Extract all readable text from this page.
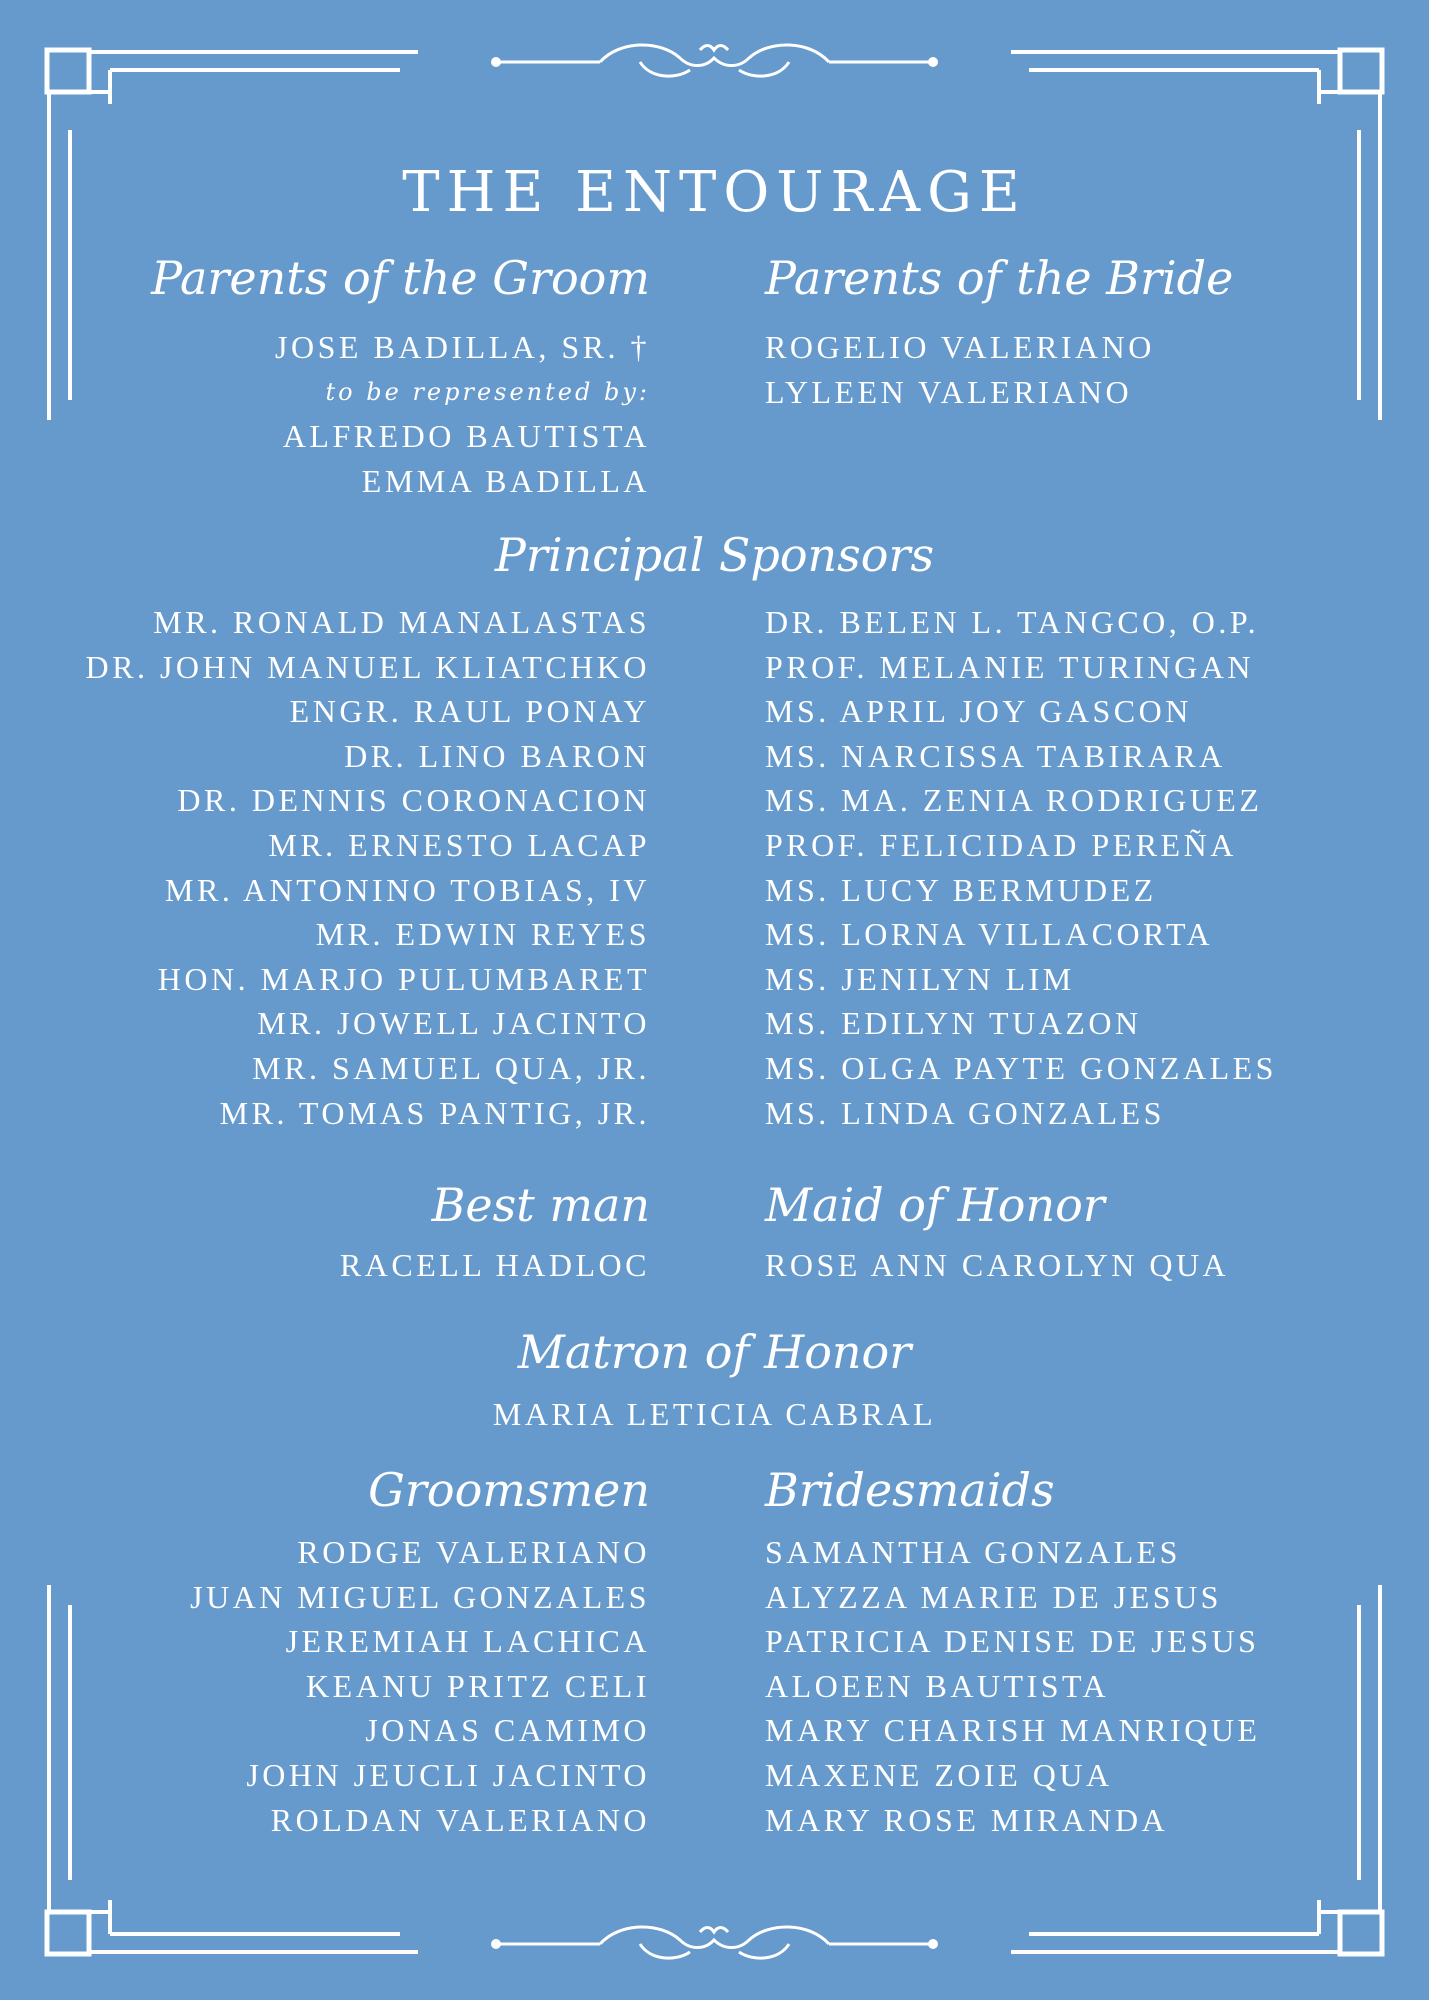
THE ENTOURAGE
Parents of the Groom
JOSE BADILLA, SR. †
to be represented by:
ALFREDO BAUTISTA
EMMA BADILLA
Parents of the Bride
ROGELIO VALERIANO
LYLEEN VALERIANO
Principal Sponsors
MR. RONALD MANALASTAS
DR. JOHN MANUEL KLIATCHKO
ENGR. RAUL PONAY
DR. LINO BARON
DR. DENNIS CORONACION
MR. ERNESTO LACAP
MR. ANTONINO TOBIAS, IV
MR. EDWIN REYES
HON. MARJO PULUMBARET
MR. JOWELL JACINTO
MR. SAMUEL QUA, JR.
MR. TOMAS PANTIG, JR.
DR. BELEN L. TANGCO, O.P.
PROF. MELANIE TURINGAN
MS. APRIL JOY GASCON
MS. NARCISSA TABIRARA
MS. MA. ZENIA RODRIGUEZ
PROF. FELICIDAD PEREÑA
MS. LUCY BERMUDEZ
MS. LORNA VILLACORTA
MS. JENILYN LIM
MS. EDILYN TUAZON
MS. OLGA PAYTE GONZALES
MS. LINDA GONZALES
Best man
RACELL HADLOC
Maid of Honor
ROSE ANN CAROLYN QUA
Matron of Honor
MARIA LETICIA CABRAL
Groomsmen
RODGE VALERIANO
JUAN MIGUEL GONZALES
JEREMIAH LACHICA
KEANU PRITZ CELI
JONAS CAMIMO
JOHN JEUCLI JACINTO
ROLDAN VALERIANO
Bridesmaids
SAMANTHA GONZALES
ALYZZA MARIE DE JESUS
PATRICIA DENISE DE JESUS
ALOEEN BAUTISTA
MARY CHARISH MANRIQUE
MAXENE ZOIE QUA
MARY ROSE MIRANDA
